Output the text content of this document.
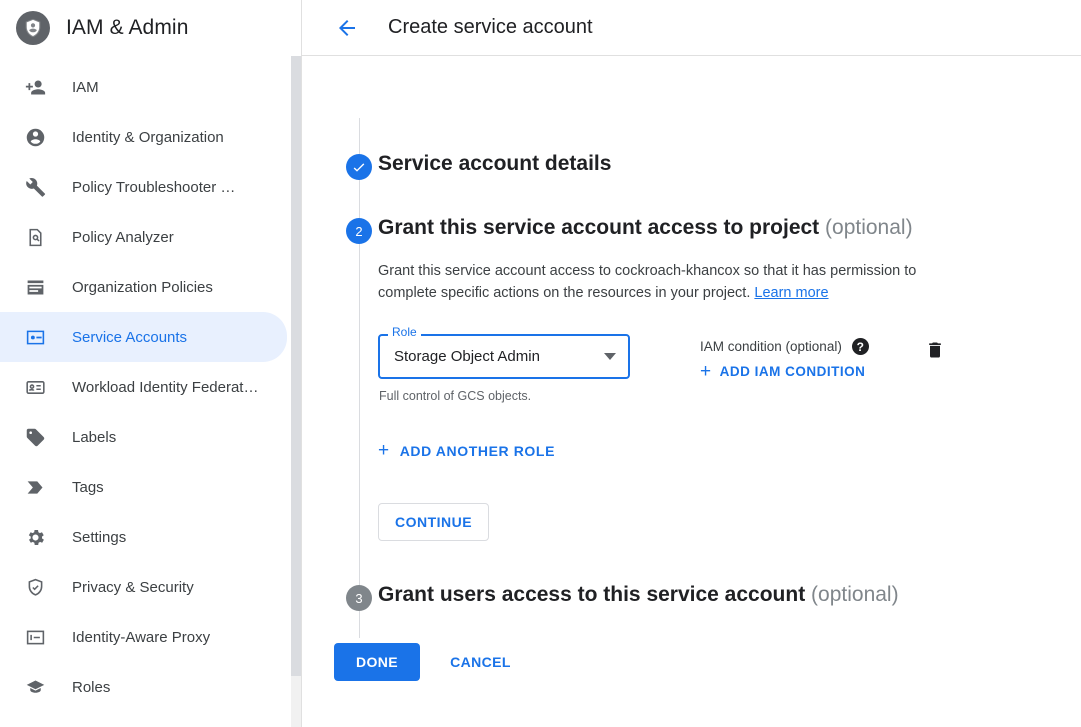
IAM & Admin
IAM
Identity & Organization
Policy Troubleshooter …
Policy Analyzer
Organization Policies
Service Accounts
Workload Identity Federat…
Labels
Tags
Settings
Privacy & Security
Identity-Aware Proxy
Roles
Create service account
Service account details
2 Grant this service account access to project (optional)

Grant this service account access to cockroach-khancox so that it has permission to complete specific actions on the resources in your project. Learn more

Storage Object Admin
Role
Full control of GCS objects.
IAM condition (optional)	?
+ ADD IAM CONDITION
+ ADD ANOTHER ROLE
CONTINUE
3 Grant users access to this service account (optional)
DONE	CANCEL
